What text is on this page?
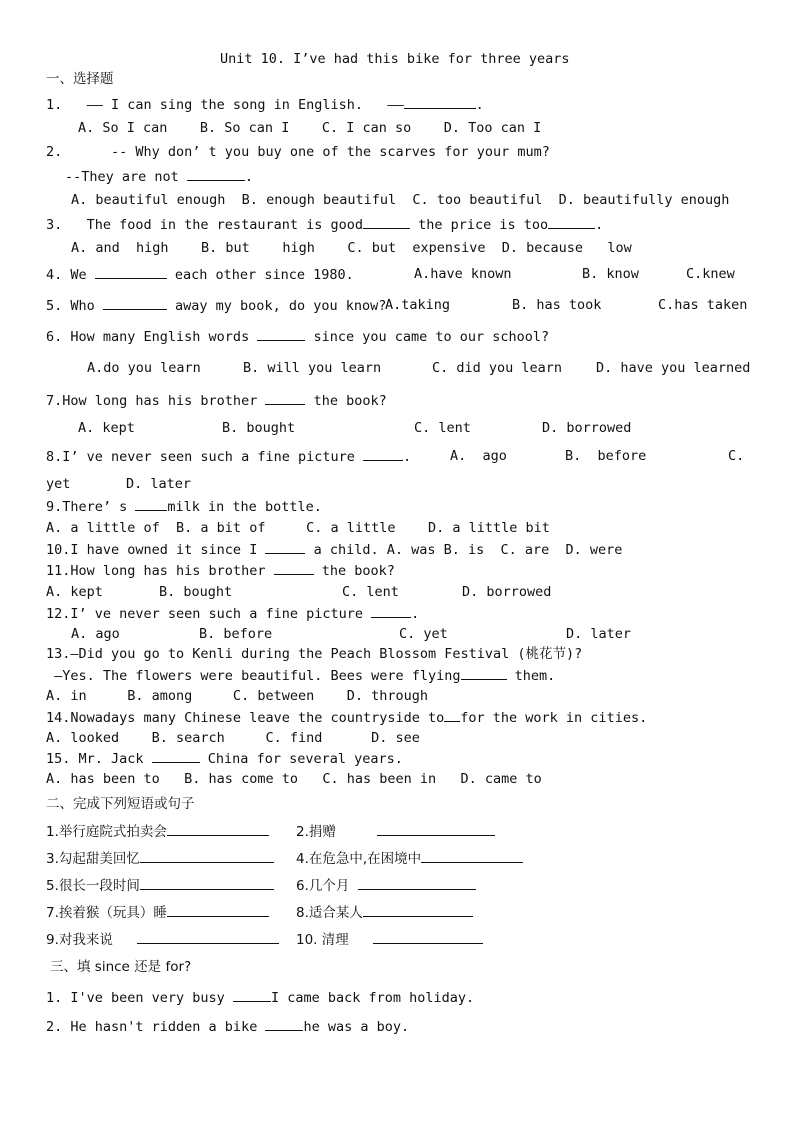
Unit 10. I’ve had this bike for three years
一、选择题
1.   —— I can sing the song in English.   ——	.
A. So I can    B. So can I    C. I can so    D. Too can I
2.      -- Why don’ t you buy one of the scarves for your mum?
--They are not	.
A. beautiful enough  B. enough beautiful  C. too beautiful  D. beautifully enough
3.   The food in the restaurant is good	the price is too	.
A. and  high    B. but    high    C. but  expensive  D. because   low
4. We	each other since 1980.	A.have known	B. know	C.knew
5. Who	away my book, do you know?
A.taking	B. has took	C.has taken
6. How many English words	since you came to our school?
A.do you learn	B. will you learn	C. did you learn	D. have you learned
7.How long has his brother	the book?
A. kept	B. bought	C. lent	D. borrowed
8.I’ ve never seen such a fine picture	.	A.  ago	B.  before	C.
yet	D. later
9.There’ s milk in the bottle.
A. a little of  B. a bit of     C. a little    D. a little bit
10.I have owned it since I	a child. A. was B. is  C. are  D. were
11.How long has his brother	the book?
A. kept	B. bought	C. lent	D. borrowed
12.I’ ve never seen such a fine picture	.
A. ago	B. before	C. yet	D. later
13.—Did you go to Kenli during the Peach Blossom Festival (桃花节)?
—Yes. The flowers were beautiful. Bees were flying	them.
A. in     B. among     C. between    D. through
14.Nowadays many Chinese leave the countryside to for the work in cities.
A. looked    B. search     C. find      D. see
15. Mr. Jack	China for several years.
A. has been to   B. has come to   C. has been in   D. came to
二、完成下列短语或句子
1.举行庭院式拍卖会	2.捐赠
3.勾起甜美回忆	4.在危急中,在困境中
5.很长一段时间	6.几个月
7.挨着猴（玩具）睡	8.适合某人
9.对我来说	10. 清理
三、填 since 还是 for?
1. I've been very busy	I came back from holiday.
2. He hasn't ridden a bike	he was a boy.
